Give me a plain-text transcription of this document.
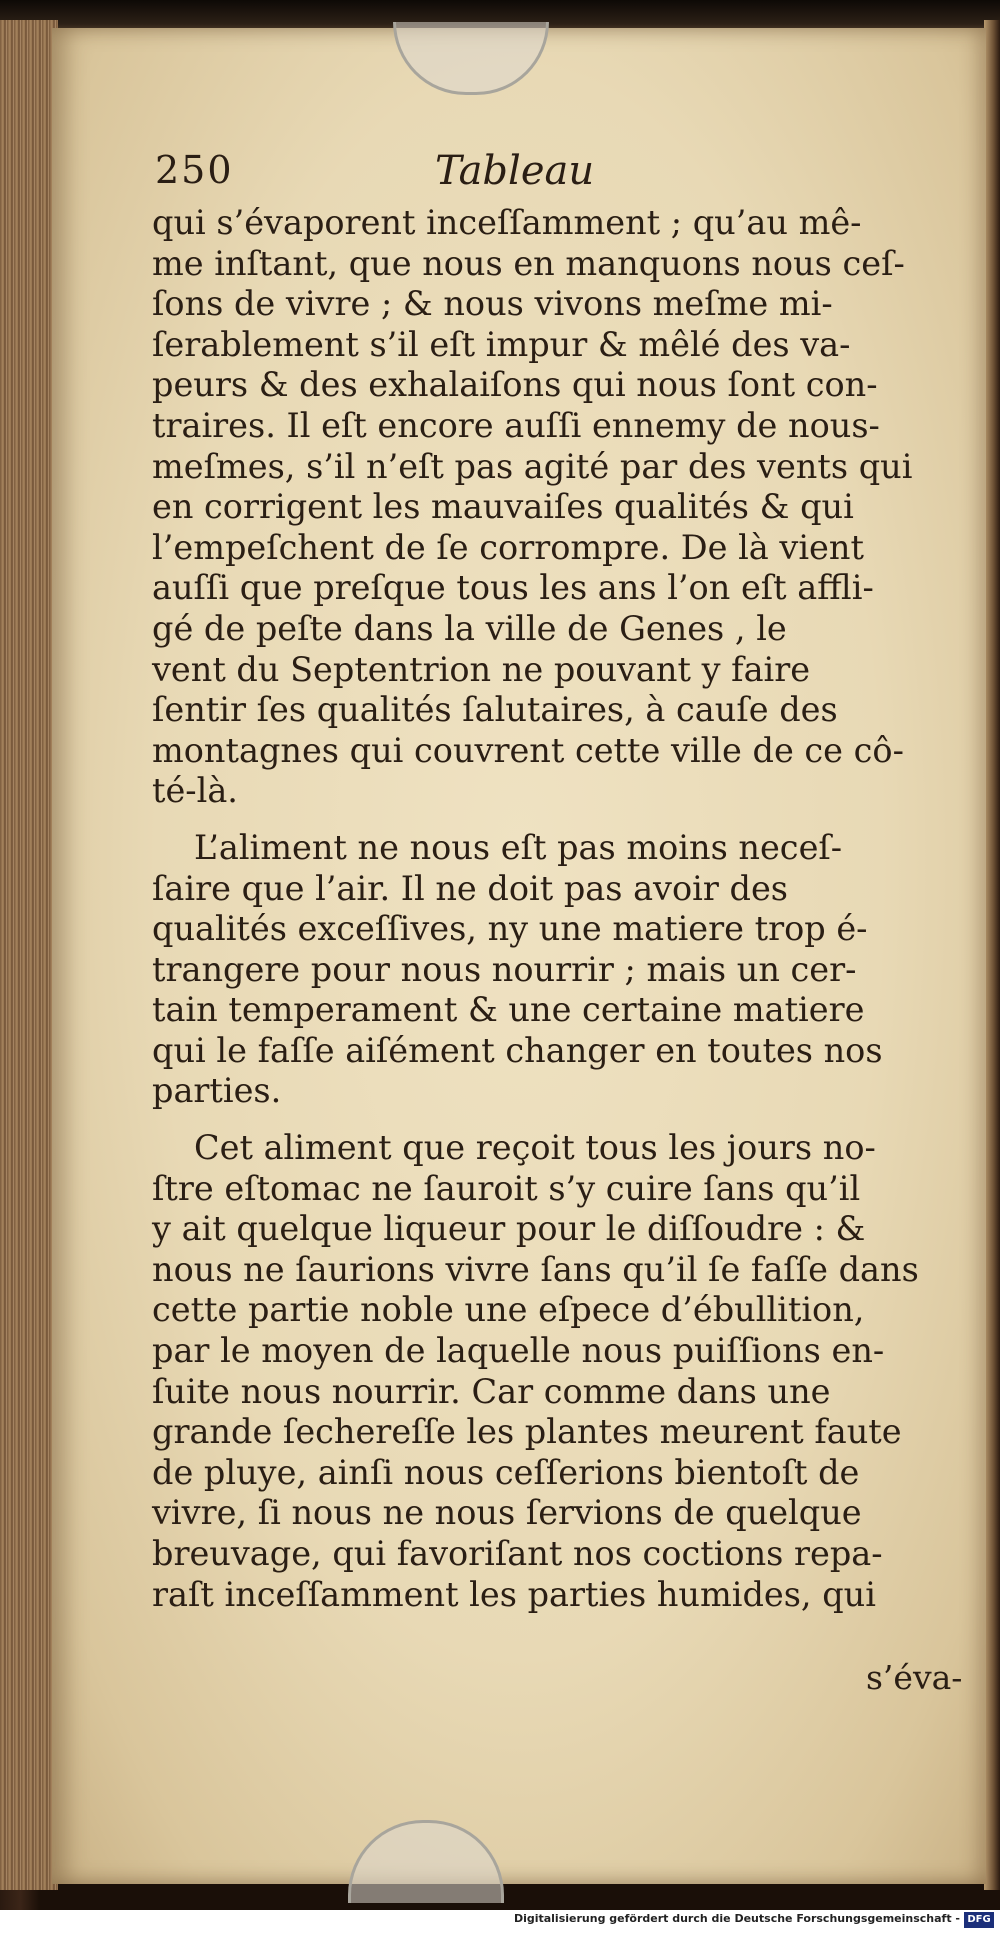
250	Tableau
qui s’évaporent inceſſamment ; qu’au mê-
me inſtant, que nous en manquons nous ceſ-
ſons de vivre ; & nous vivons meſme mi-
ſerablement s’il eſt impur & mêlé des va-
peurs & des exhalaiſons qui nous ſont con-
traires. Il eſt encore auſſi ennemy de nous-
meſmes, s’il n’eſt pas agité par des vents qui
en corrigent les mauvaiſes qualités & qui
l’empeſchent de ſe corrompre. De là vient
auſſi que preſque tous les ans l’on eſt affli-
gé de peſte dans la ville de Genes , le
vent du Septentrion ne pouvant y faire
ſentir ſes qualités ſalutaires, à cauſe des
montagnes qui couvrent cette ville de ce cô-
té-là.
L’aliment ne nous eſt pas moins neceſ-
ſaire que l’air. Il ne doit pas avoir des
qualités exceſſives, ny une matiere trop é-
trangere pour nous nourrir ; mais un cer-
tain temperament & une certaine matiere
qui le faſſe aiſément changer en toutes nos
parties.
Cet aliment que reçoit tous les jours no-
ſtre eſtomac ne ſauroit s’y cuire ſans qu’il
y ait quelque liqueur pour le diſſoudre : &
nous ne ſaurions vivre ſans qu’il ſe faſſe dans
cette partie noble une eſpece d’ébullition,
par le moyen de laquelle nous puiſſions en-
ſuite nous nourrir. Car comme dans une
grande ſechereſſe les plantes meurent faute
de pluye, ainſi nous ceſſerions bientoſt de
vivre, ſi nous ne nous ſervions de quelque
breuvage, qui favoriſant nos coctions repa-
raſt inceſſamment les parties humides, qui
s’éva-
Digitalisierung gefördert durch die Deutsche Forschungsgemeinschaft - DFG
